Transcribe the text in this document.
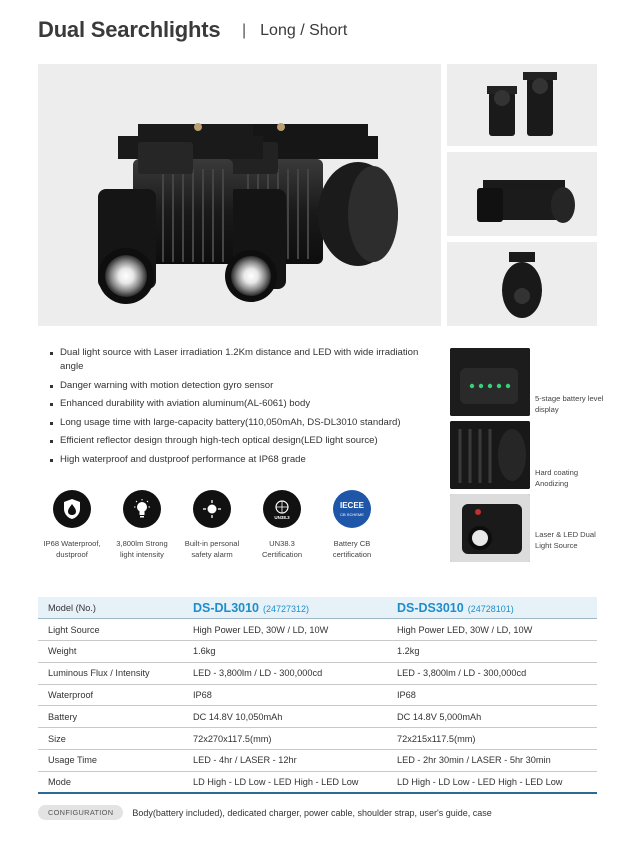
Dual Searchlights | Long / Short
Dual light source with Laser irradiation 1.2Km distance and LED with wide irradiation angle
Danger warning with motion detection gyro sensor
Enhanced durability with aviation aluminum(AL-6061) body
Long usage time with large-capacity battery(110,050mAh, DS-DL3010 standard)
Efficient reflector design through high-tech optical design(LED light source)
High waterproof and dustproof performance at IP68 grade
5-stage battery level display
Hard coating Anodizing
Laser & LED Dual Light Source
IP68 Waterproof, dustproof
3,800lm Strong light intensity
Built-in personal safety alarm
UN38.3
UN38.3 Certification
IECEE
CB SCHEME
Battery CB certification
Model (No.)	DS-DL3010 (24727312)	DS-DS3010 (24728101)
Light Source	High Power LED, 30W / LD, 10W	High Power LED, 30W / LD, 10W
Weight	1.6kg	1.2kg
Luminous Flux / Intensity	LED - 3,800lm / LD - 300,000cd	LED - 3,800lm / LD - 300,000cd
Waterproof	IP68	IP68
Battery	DC 14.8V 10,050mAh	DC 14.8V 5,000mAh
Size	72x270x117.5(mm)	72x215x117.5(mm)
Usage Time	LED - 4hr / LASER - 12hr	LED - 2hr 30min / LASER - 5hr 30min
Mode	LD High - LD Low - LED High - LED Low	LD High - LD Low - LED High - LED Low
CONFIGURATION	Body(battery included), dedicated charger, power cable, shoulder strap, user's guide, case
